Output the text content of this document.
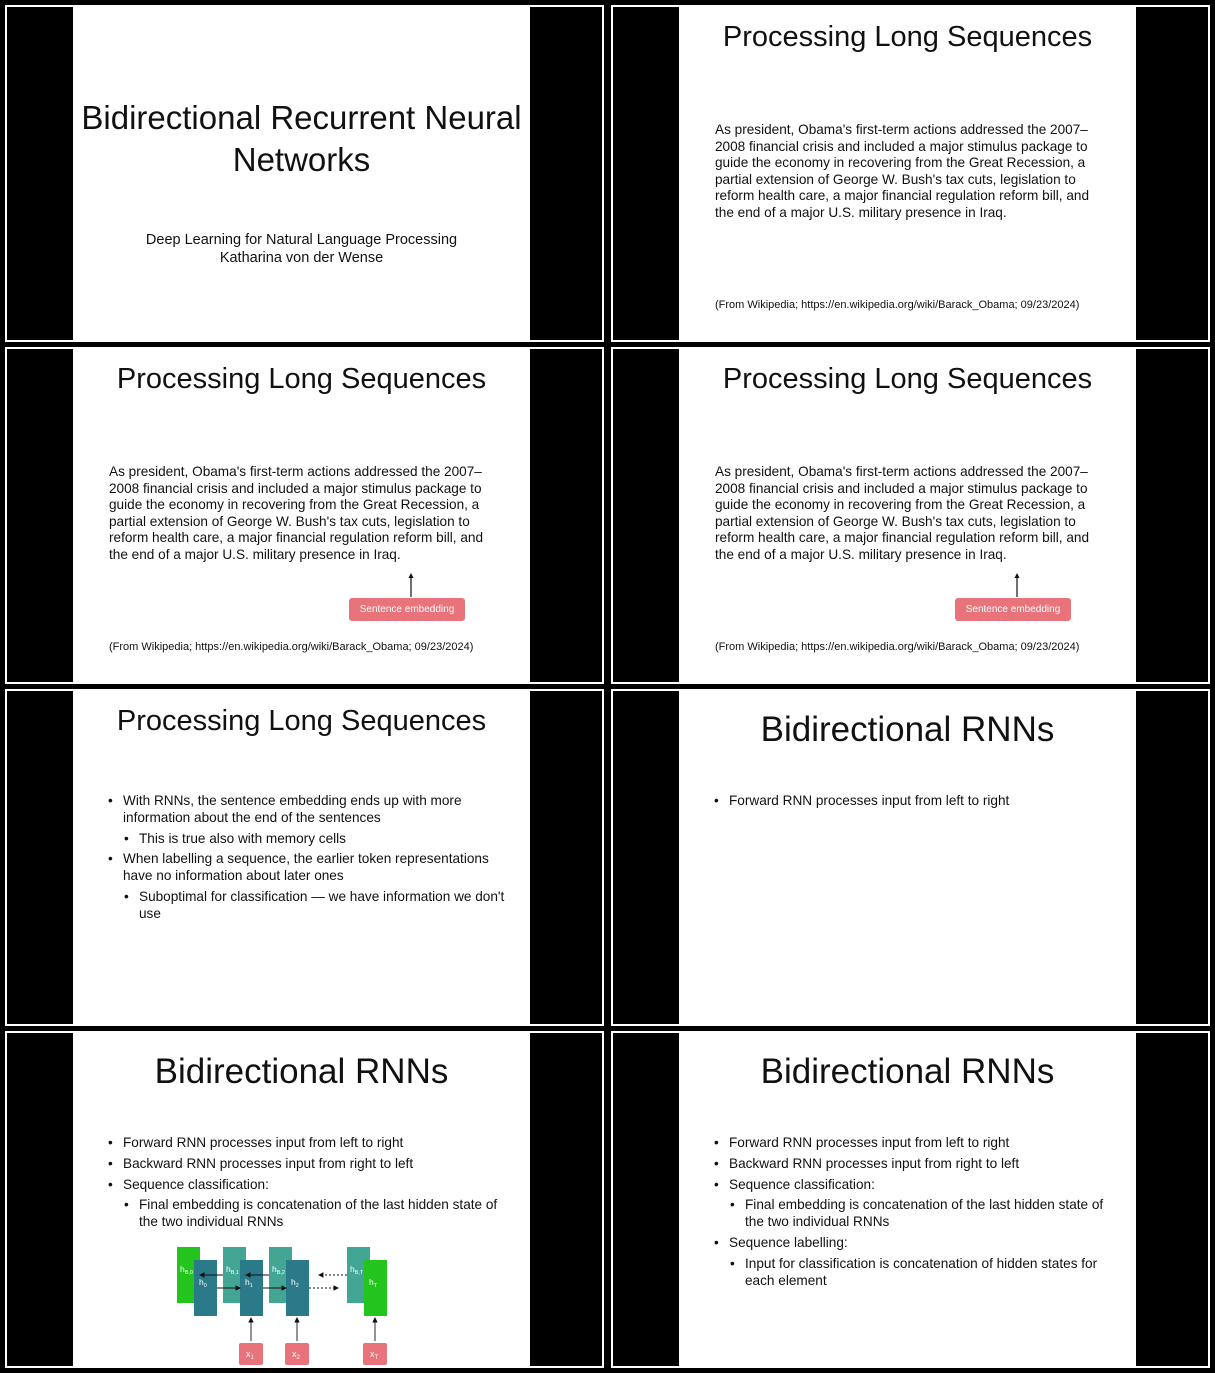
Bidirectional Recurrent Neural Networks
Deep Learning for Natural Language Processing
Katharina von der Wense
Processing Long Sequences

As president, Obama's first-term actions addressed the 2007–2008 financial crisis and included a major stimulus package to guide the economy in recovering from the Great Recession, a partial extension of George W. Bush's tax cuts, legislation to reform health care, a major financial regulation reform bill, and the end of a major U.S. military presence in Iraq.

(From Wikipedia; https://en.wikipedia.org/wiki/Barack_Obama; 09/23/2024)
Processing Long Sequences

As president, Obama's first-term actions addressed the 2007–2008 financial crisis and included a major stimulus package to guide the economy in recovering from the Great Recession, a partial extension of George W. Bush's tax cuts, legislation to reform health care, a major financial regulation reform bill, and the end of a major U.S. military presence in Iraq.

Sentence embedding
(From Wikipedia; https://en.wikipedia.org/wiki/Barack_Obama; 09/23/2024)
Processing Long Sequences

As president, Obama's first-term actions addressed the 2007–2008 financial crisis and included a major stimulus package to guide the economy in recovering from the Great Recession, a partial extension of George W. Bush's tax cuts, legislation to reform health care, a major financial regulation reform bill, and the end of a major U.S. military presence in Iraq.

Sentence embedding
(From Wikipedia; https://en.wikipedia.org/wiki/Barack_Obama; 09/23/2024)
Processing Long Sequences
• With RNNs, the sentence embedding ends up with more information about the end of the sentences
• This is true also with memory cells
• When labelling a sequence, the earlier token representations have no information about later ones
• Suboptimal for classification — we have information we don't use
Bidirectional RNNs
• Forward RNN processes input from left to right
Bidirectional RNNs
• Forward RNN processes input from left to right
• Backward RNN processes input from right to left
• Sequence classification:
• Final embedding is concatenation of the last hidden state of the two individual RNNs
$h_{B,0}$	$h_{B,1}$	$h_{B,2}$	$h_{B,T}$
$h_0$	$h_1$	$h_2$	$h_T$
$x_1$	$x_2$	$x_T$
Bidirectional RNNs
• Forward RNN processes input from left to right
• Backward RNN processes input from right to left
• Sequence classification:
• Final embedding is concatenation of the last hidden state of the two individual RNNs
• Sequence labelling:
• Input for classification is concatenation of hidden states for each element
